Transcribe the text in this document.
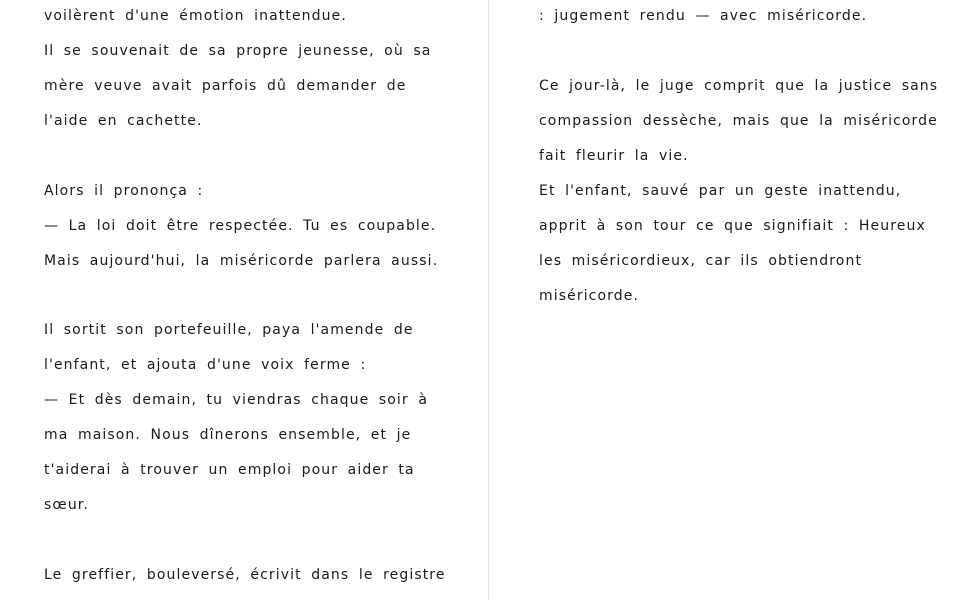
voilèrent d'une émotion inattendue.
Il se souvenait de sa propre jeunesse, où sa
mère veuve avait parfois dû demander de
l'aide en cachette.
Alors il prononça :
— La loi doit être respectée. Tu es coupable.
Mais aujourd'hui, la miséricorde parlera aussi.
Il sortit son portefeuille, paya l'amende de
l'enfant, et ajouta d'une voix ferme :
— Et dès demain, tu viendras chaque soir à
ma maison. Nous dînerons ensemble, et je
t'aiderai à trouver un emploi pour aider ta
sœur.
Le greffier, bouleversé, écrivit dans le registre
: jugement rendu — avec miséricorde.
Ce jour-là, le juge comprit que la justice sans
compassion dessèche, mais que la miséricorde
fait fleurir la vie.
Et l'enfant, sauvé par un geste inattendu,
apprit à son tour ce que signifiait : Heureux
les miséricordieux, car ils obtiendront
miséricorde.
